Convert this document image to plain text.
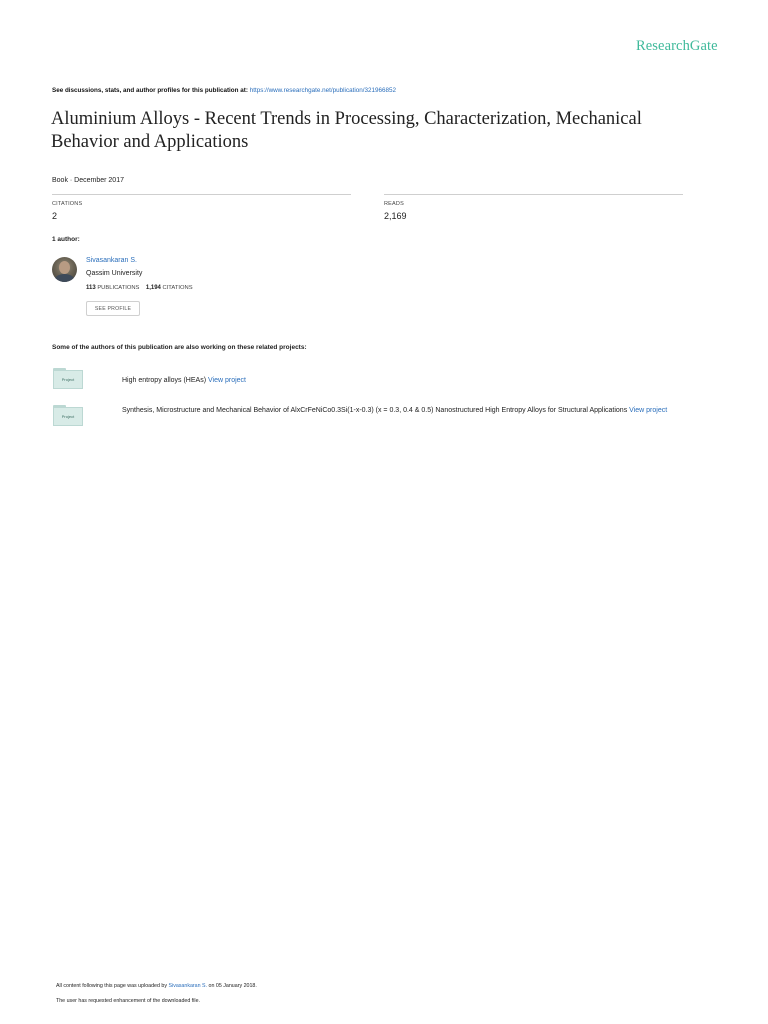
ResearchGate
See discussions, stats, and author profiles for this publication at: https://www.researchgate.net/publication/321966852
Aluminium Alloys - Recent Trends in Processing, Characterization, Mechanical Behavior and Applications
Book · December 2017
CITATIONS
2
READS
2,169
1 author:
Sivasankaran S.
Qassim University
113 PUBLICATIONS 1,194 CITATIONS
SEE PROFILE
Some of the authors of this publication are also working on these related projects:
Project	High entropy alloys (HEAs) View project
Project
Synthesis, Microstructure and Mechanical Behavior of AlxCrFeNiCo0.3Si(1-x-0.3) (x = 0.3, 0.4 & 0.5) Nanostructured High Entropy Alloys for Structural Applications View project
All content following this page was uploaded by Sivasankaran S. on 05 January 2018.
The user has requested enhancement of the downloaded file.
